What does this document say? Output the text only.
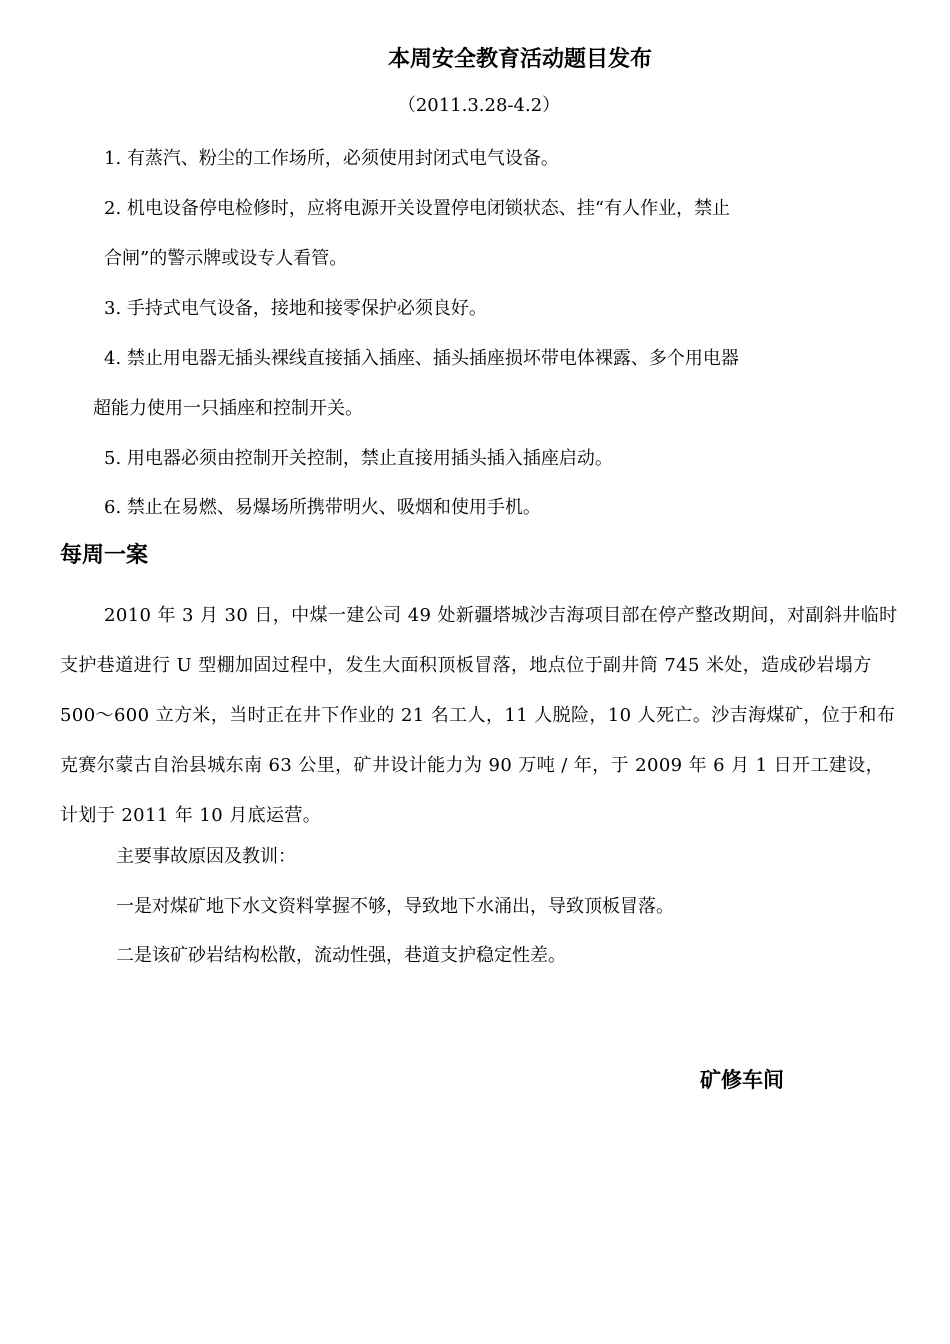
本周安全教育活动题目发布
（2011.3.28-4.2）

1. 有蒸汽、粉尘的工作场所，必须使用封闭式电气设备。

2. 机电设备停电检修时，应将电源开关设置停电闭锁状态、挂“有人作业，禁止
合闸”的警示牌或设专人看管。

3. 手持式电气设备，接地和接零保护必须良好。

4. 禁止用电器无插头裸线直接插入插座、插头插座损坏带电体裸露、多个用电器
超能力使用一只插座和控制开关。

5. 用电器必须由控制开关控制，禁止直接用插头插入插座启动。

6. 禁止在易燃、易爆场所携带明火、吸烟和使用手机。

每周一案

2010 年 3 月 30 日，中煤一建公司 49 处新疆塔城沙吉海项目部在停产整改期间，对副斜井临时支护巷道进行 U 型棚加固过程中，发生大面积顶板冒落，地点位于副井筒 745 米处，造成砂岩塌方 500～600 立方米，当时正在井下作业的 21 名工人，11 人脱险，10 人死亡。沙吉海煤矿，位于和布克赛尔蒙古自治县城东南 63 公里，矿井设计能力为 90 万吨 / 年，于 2009 年 6 月 1 日开工建设，计划于 2011 年 10 月底运营。

主要事故原因及教训：

一是对煤矿地下水文资料掌握不够，导致地下水涌出，导致顶板冒落。

二是该矿砂岩结构松散，流动性强，巷道支护稳定性差。

矿修车间
